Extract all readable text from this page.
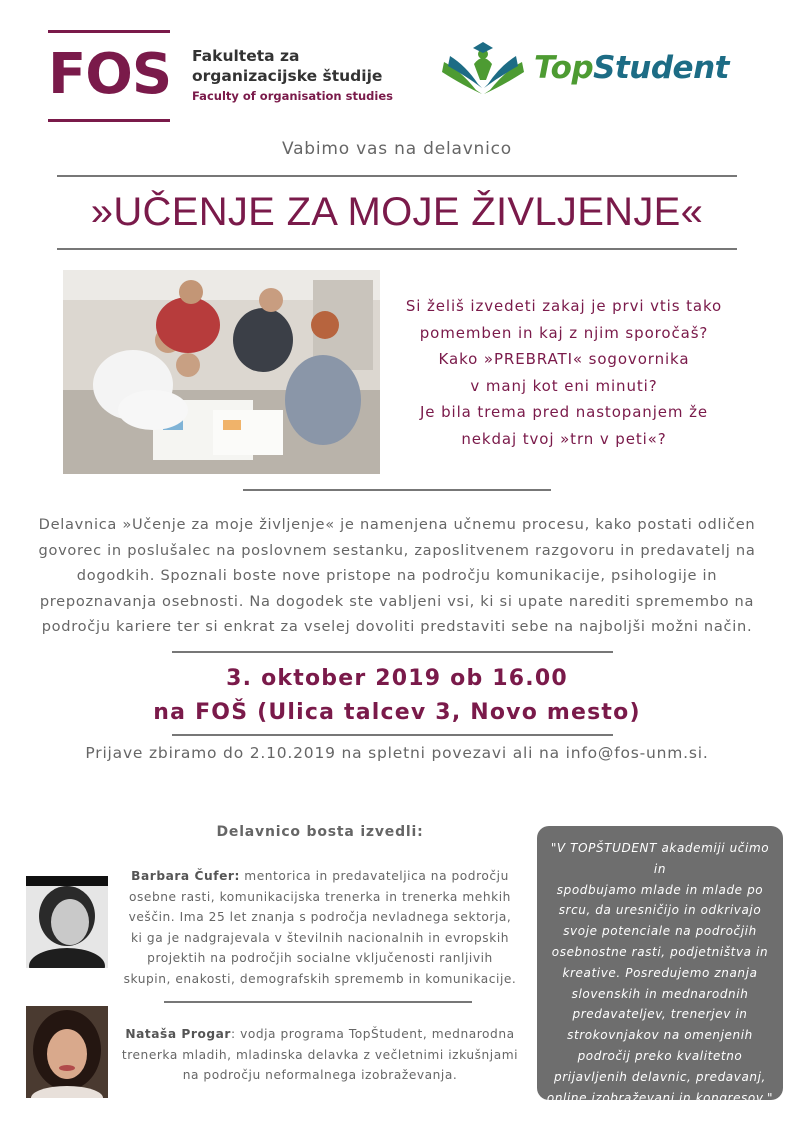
FOS Fakulteta za
organizacijske študije
Faculty of organisation studies
TopStudent
Vabimo vas na delavnico
»UČENJE ZA MOJE ŽIVLJENJE«
Si želiš izvedeti zakaj je prvi vtis tako
pomemben in kaj z njim sporočaš?
Kako »PREBRATI« sogovornika
v manj kot eni minuti?
Je bila trema pred nastopanjem že
nekdaj tvoj »trn v peti«?
Delavnica »Učenje za moje življenje« je namenjena učnemu procesu, kako postati odličen
govorec in poslušalec na poslovnem sestanku, zaposlitvenem razgovoru in predavatelj na
dogodkih. Spoznali boste nove pristope na področju komunikacije, psihologije in
prepoznavanja osebnosti. Na dogodek ste vabljeni vsi, ki si upate narediti spremembo na
področju kariere ter si enkrat za vselej dovoliti predstaviti sebe na najboljši možni način.
3. oktober 2019 ob 16.00
na FOŠ (Ulica talcev 3, Novo mesto)
Prijave zbiramo do 2.10.2019 na spletni povezavi ali na info@fos-unm.si.
Delavnico bosta izvedli:
Barbara Čufer: mentorica in predavateljica na področju
osebne rasti, komunikacijska trenerka in trenerka mehkih
veščin. Ima 25 let znanja s področja nevladnega sektorja,
ki ga je nadgrajevala v številnih nacionalnih in evropskih
projektih na področjih socialne vključenosti ranljivih
skupin, enakosti, demografskih sprememb in komunikacije.
Nataša Progar: vodja programa TopŠtudent, mednarodna
trenerka mladih, mladinska delavka z večletnimi izkušnjami
na področju neformalnega izobraževanja.
"V TOPŠTUDENT akademiji učimo in
spodbujamo mlade in mlade po
srcu, da uresničijo in odkrivajo
svoje potenciale na področjih
osebnostne rasti, podjetništva in
kreative. Posredujemo znanja
slovenskih in mednarodnih
predavateljev, trenerjev in
strokovnjakov na omenjenih
področij preko kvalitetno
prijavljenih delavnic, predavanj,
online izobraževanj in kongresov."
